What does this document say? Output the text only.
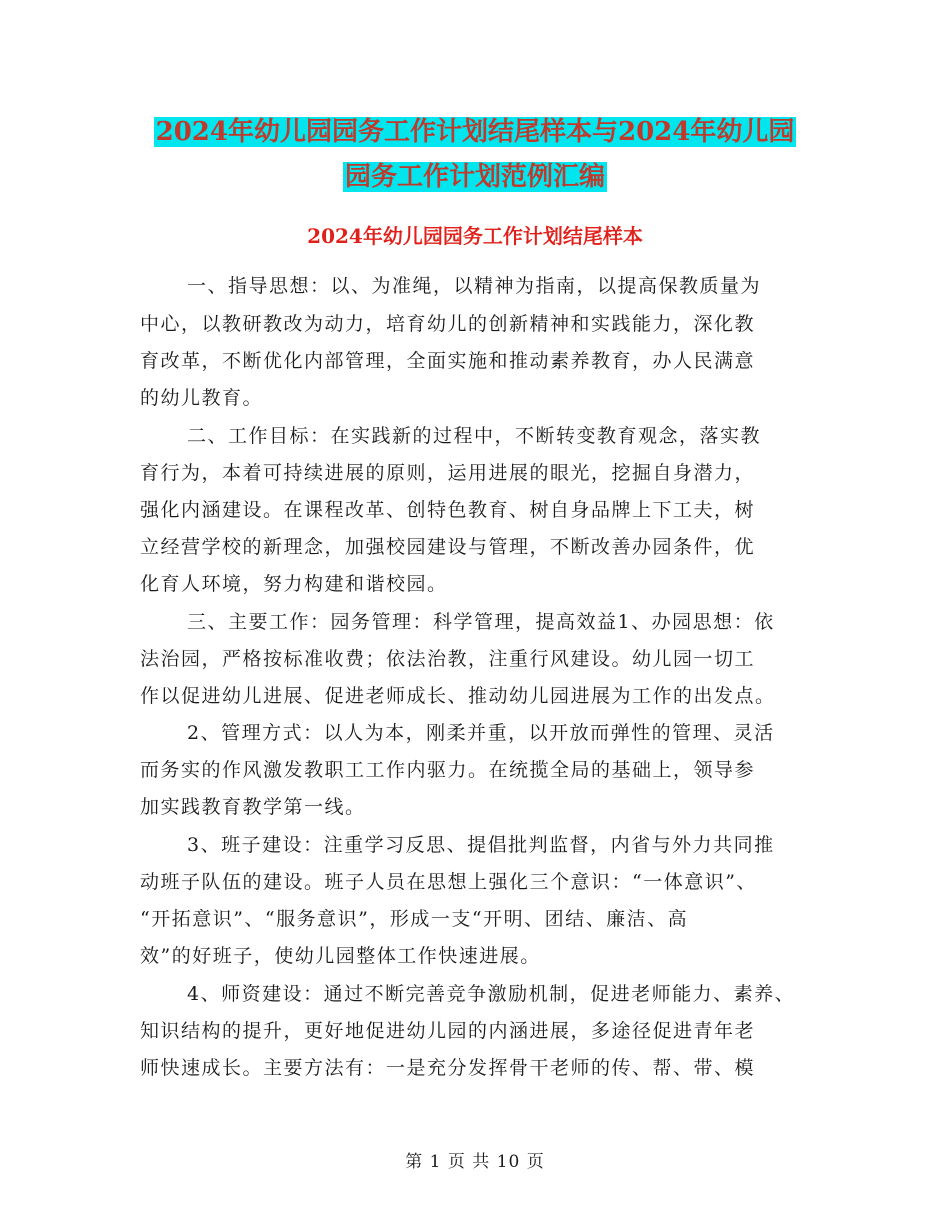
2024年幼儿园园务工作计划结尾样本与2024年幼儿园
园务工作计划范例汇编
2024年幼儿园园务工作计划结尾样本
一、指导思想：以、为准绳，以精神为指南，以提高保教质量为
中心，以教研教改为动力，培育幼儿的创新精神和实践能力，深化教
育改革，不断优化内部管理，全面实施和推动素养教育，办人民满意
的幼儿教育。
二、工作目标：在实践新的过程中，不断转变教育观念，落实教
育行为，本着可持续进展的原则，运用进展的眼光，挖掘自身潜力，
强化内涵建设。在课程改革、创特色教育、树自身品牌上下工夫，树
立经营学校的新理念，加强校园建设与管理，不断改善办园条件，优
化育人环境，努力构建和谐校园。
三、主要工作：园务管理：科学管理，提高效益1、办园思想：依
法治园，严格按标准收费；依法治教，注重行风建设。幼儿园一切工
作以促进幼儿进展、促进老师成长、推动幼儿园进展为工作的出发点。
2、管理方式：以人为本，刚柔并重，以开放而弹性的管理、灵活
而务实的作风激发教职工工作内驱力。在统揽全局的基础上，领导参
加实践教育教学第一线。
3、班子建设：注重学习反思、提倡批判监督，内省与外力共同推
动班子队伍的建设。班子人员在思想上强化三个意识：“一体意识”、
“开拓意识”、“服务意识”，形成一支“开明、团结、廉洁、高
效”的好班子，使幼儿园整体工作快速进展。
4、师资建设：通过不断完善竞争激励机制，促进老师能力、素养、
知识结构的提升，更好地促进幼儿园的内涵进展，多途径促进青年老
师快速成长。主要方法有：一是充分发挥骨干老师的传、帮、带、模
第 1 页 共 10 页
